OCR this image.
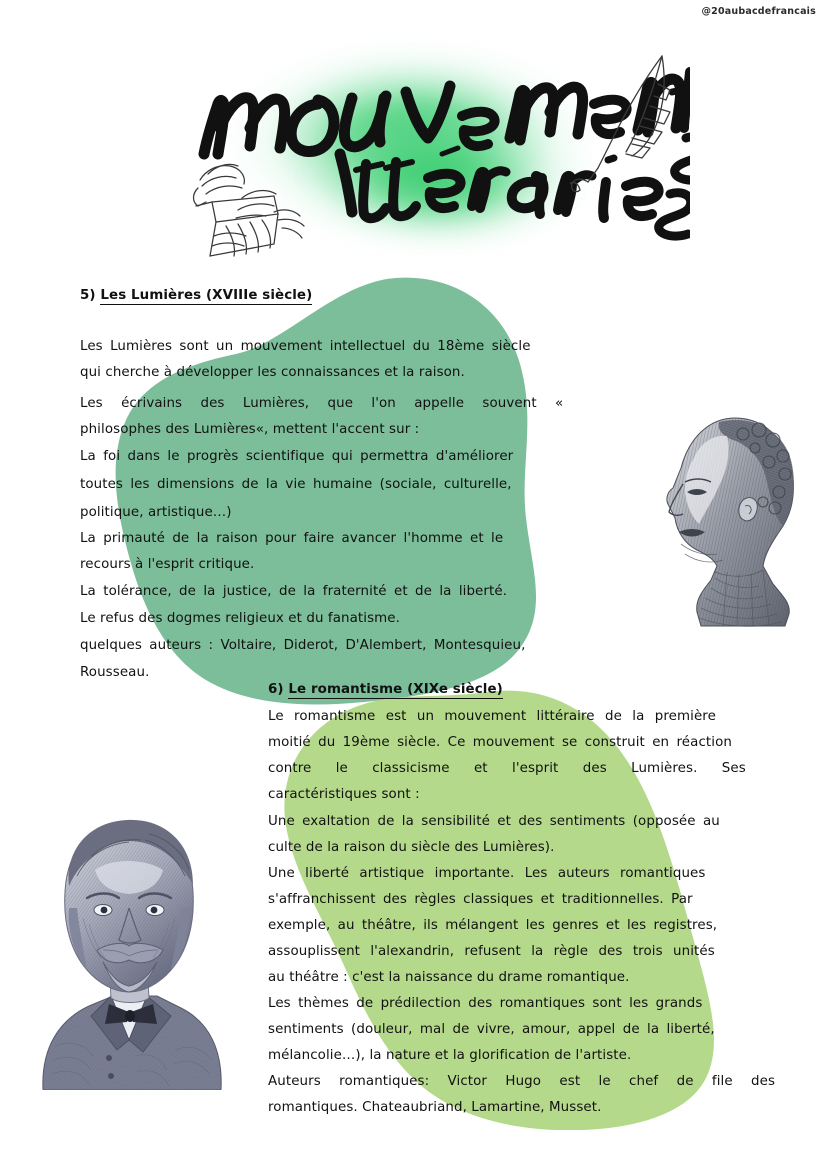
@20aubacdefrancais
5) Les Lumières (XVIIIe siècle)
Les Lumières sont un mouvement intellectuel du 18ème siècle
qui cherche à développer les connaissances et la raison.
Les écrivains des Lumières, que l'on appelle souvent «
philosophes des Lumières«, mettent l'accent sur :
La foi dans le progrès scientifique qui permettra d'améliorer
toutes les dimensions de la vie humaine (sociale, culturelle,
politique, artistique…)
La primauté de la raison pour faire avancer l'homme et le
recours à l'esprit critique.
La tolérance, de la justice, de la fraternité et de la liberté.
Le refus des dogmes religieux et du fanatisme.
quelques auteurs : Voltaire, Diderot, D'Alembert, Montesquieu,
Rousseau.
6) Le romantisme (XIXe siècle)
Le romantisme est un mouvement littéraire de la première
moitié du 19ème siècle. Ce mouvement se construit en réaction
contre le classicisme et l'esprit des Lumières. Ses
caractéristiques sont :
Une exaltation de la sensibilité et des sentiments (opposée au
culte de la raison du siècle des Lumières).
Une liberté artistique importante. Les auteurs romantiques
s'affranchissent des règles classiques et traditionnelles. Par
exemple, au théâtre, ils mélangent les genres et les registres,
assouplissent l'alexandrin, refusent la règle des trois unités
au théâtre : c'est la naissance du drame romantique.
Les thèmes de prédilection des romantiques sont les grands
sentiments (douleur, mal de vivre, amour, appel de la liberté,
mélancolie…), la nature et la glorification de l'artiste.
Auteurs romantiques: Victor Hugo est le chef de file des
romantiques. Chateaubriand, Lamartine, Musset.
